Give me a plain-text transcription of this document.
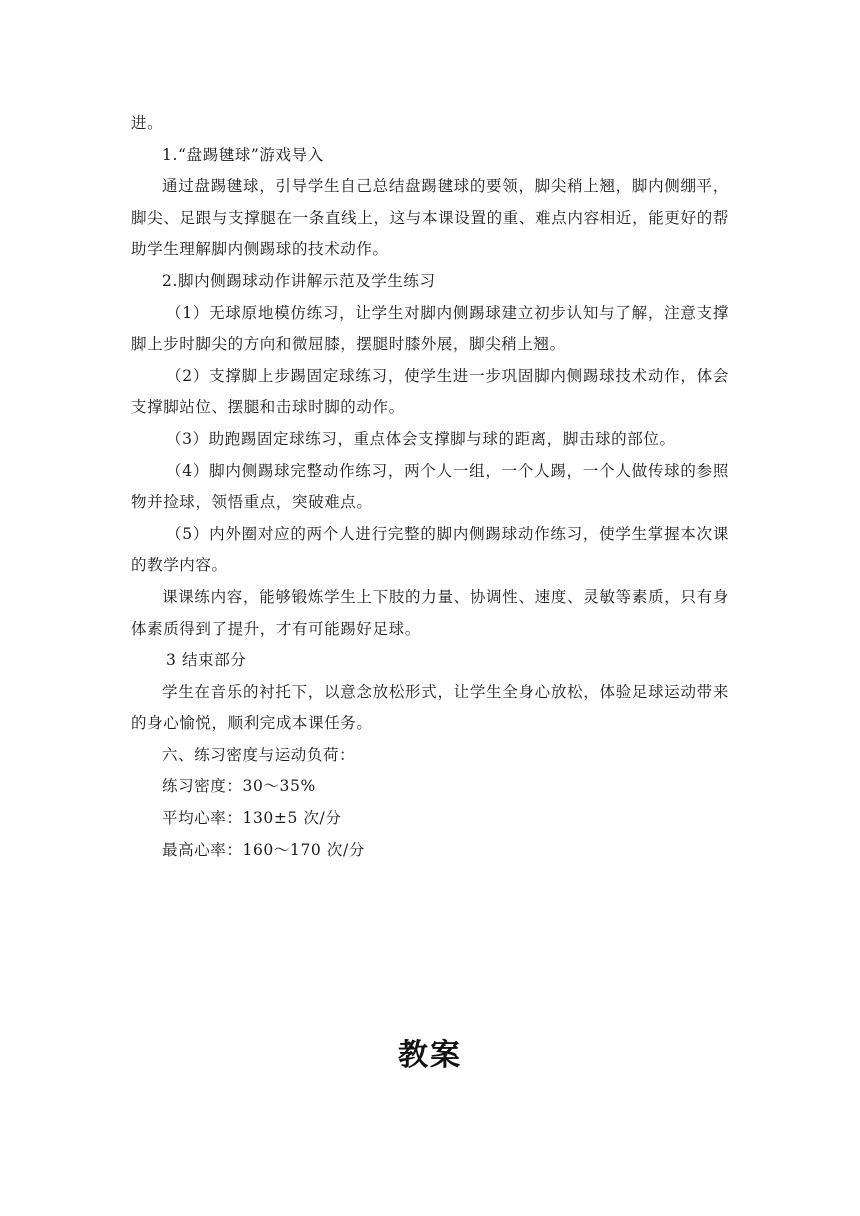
进。

1.“盘踢毽球”游戏导入

通过盘踢毽球，引导学生自己总结盘踢毽球的要领，脚尖稍上翘，脚内侧绷平，脚尖、足跟与支撑腿在一条直线上，这与本课设置的重、难点内容相近，能更好的帮助学生理解脚内侧踢球的技术动作。

2.脚内侧踢球动作讲解示范及学生练习

（1）无球原地模仿练习，让学生对脚内侧踢球建立初步认知与了解，注意支撑脚上步时脚尖的方向和微屈膝，摆腿时膝外展，脚尖稍上翘。

（2）支撑脚上步踢固定球练习，使学生进一步巩固脚内侧踢球技术动作，体会支撑脚站位、摆腿和击球时脚的动作。

（3）助跑踢固定球练习，重点体会支撑脚与球的距离，脚击球的部位。

（4）脚内侧踢球完整动作练习，两个人一组，一个人踢，一个人做传球的参照物并捡球，领悟重点，突破难点。

（5）内外圈对应的两个人进行完整的脚内侧踢球动作练习，使学生掌握本次课的教学内容。

课课练内容，能够锻炼学生上下肢的力量、协调性、速度、灵敏等素质，只有身体素质得到了提升，才有可能踢好足球。

3 结束部分

学生在音乐的衬托下，以意念放松形式，让学生全身心放松，体验足球运动带来的身心愉悦，顺利完成本课任务。

六、练习密度与运动负荷：

练习密度：30～35%

平均心率：130±5 次/分

最高心率：160～170 次/分

教案
